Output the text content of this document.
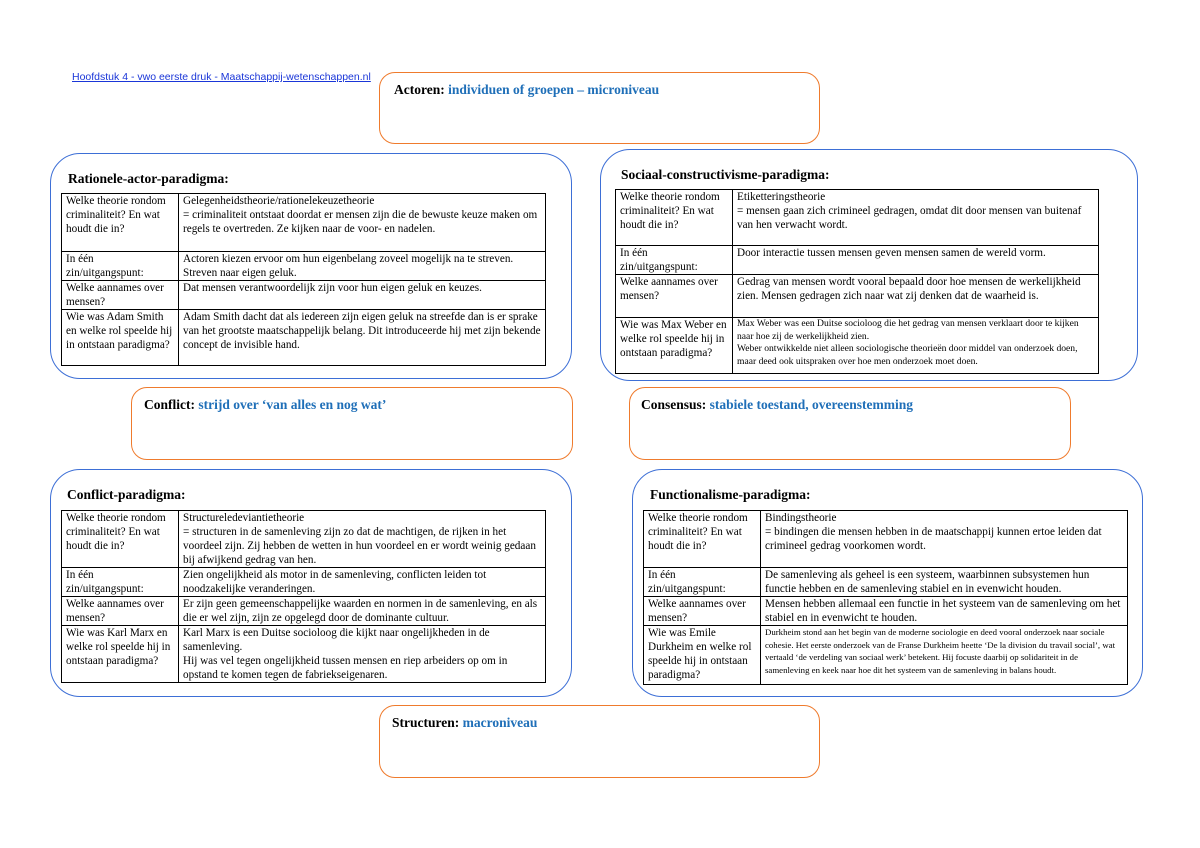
Hoofdstuk 4 - vwo eerste druk - Maatschappij-wetenschappen.nl
Actoren: individuen of groepen – microniveau
Rationele-actor-paradigma:
Welke theorie rondom criminaliteit? En wat houdt die in?	Gelegenheidstheorie/rationelekeuzetheorie
= criminaliteit ontstaat doordat er mensen zijn die de bewuste keuze maken om regels te overtreden. Ze kijken naar de voor- en nadelen.

In één zin/uitgangspunt:	Actoren kiezen ervoor om hun eigenbelang zoveel mogelijk na te streven. Streven naar eigen geluk.

Welke aannames over mensen?	Dat mensen verantwoordelijk zijn voor hun eigen geluk en keuzes.

Wie was Adam Smith en welke rol speelde hij in ontstaan paradigma?	Adam Smith dacht dat als iedereen zijn eigen geluk na streefde dan is er sprake van het grootste maatschappelijk belang. Dit introduceerde hij met zijn bekende concept de invisible hand.
Sociaal-constructivisme-paradigma:
Welke theorie rondom criminaliteit? En wat houdt die in?	Etiketteringstheorie
= mensen gaan zich crimineel gedragen, omdat dit door mensen van buitenaf van hen verwacht wordt.

In één zin/uitgangspunt:	Door interactie tussen mensen geven mensen samen de wereld vorm.

Welke aannames over mensen?	Gedrag van mensen wordt vooral bepaald door hoe mensen de werkelijkheid zien. Mensen gedragen zich naar wat zij denken dat de waarheid is.

Wie was Max Weber en welke rol speelde hij in ontstaan paradigma?	Max Weber was een Duitse socioloog die het gedrag van mensen verklaart door te kijken naar hoe zij de werkelijkheid zien.
Weber ontwikkelde niet alleen sociologische theorieën door middel van onderzoek doen, maar deed ook uitspraken over hoe men onderzoek moet doen.
Conflict: strijd over ‘van alles en nog wat’	Consensus: stabiele toestand, overeenstemming
Conflict-paradigma:
Welke theorie rondom criminaliteit? En wat houdt die in?	Structureledeviantietheorie
= structuren in de samenleving zijn zo dat de machtigen, de rijken in het voordeel zijn. Zij hebben de wetten in hun voordeel en er wordt weinig gedaan bij afwijkend gedrag van hen.

In één zin/uitgangspunt:	Zien ongelijkheid als motor in de samenleving, conflicten leiden tot noodzakelijke veranderingen.

Welke aannames over mensen?	Er zijn geen gemeenschappelijke waarden en normen in de samenleving, en als die er wel zijn, zijn ze opgelegd door de dominante cultuur.

Wie was Karl Marx en welke rol speelde hij in ontstaan paradigma?	Karl Marx is een Duitse socioloog die kijkt naar ongelijkheden in de samenleving.
Hij was vel tegen ongelijkheid tussen mensen en riep arbeiders op om in opstand te komen tegen de fabriekseigenaren.
Functionalisme-paradigma:
Welke theorie rondom criminaliteit? En wat houdt die in?	Bindingstheorie
= bindingen die mensen hebben in de maatschappij kunnen ertoe leiden dat crimineel gedrag voorkomen wordt.

In één zin/uitgangspunt:	De samenleving als geheel is een systeem, waarbinnen subsystemen hun functie hebben en de samenleving stabiel en in evenwicht houden.

Welke aannames over mensen?	Mensen hebben allemaal een functie in het systeem van de samenleving om het stabiel en in evenwicht te houden.

Wie was Emile Durkheim en welke rol speelde hij in ontstaan paradigma?	Durkheim stond aan het begin van de moderne sociologie en deed vooral onderzoek naar sociale cohesie. Het eerste onderzoek van de Franse Durkheim heette ‘De la division du travail social’, wat vertaald ‘de verdeling van sociaal werk’ betekent. Hij focuste daarbij op solidariteit in de samenleving en keek naar hoe dit het systeem van de samenleving in balans houdt.
Structuren: macroniveau
